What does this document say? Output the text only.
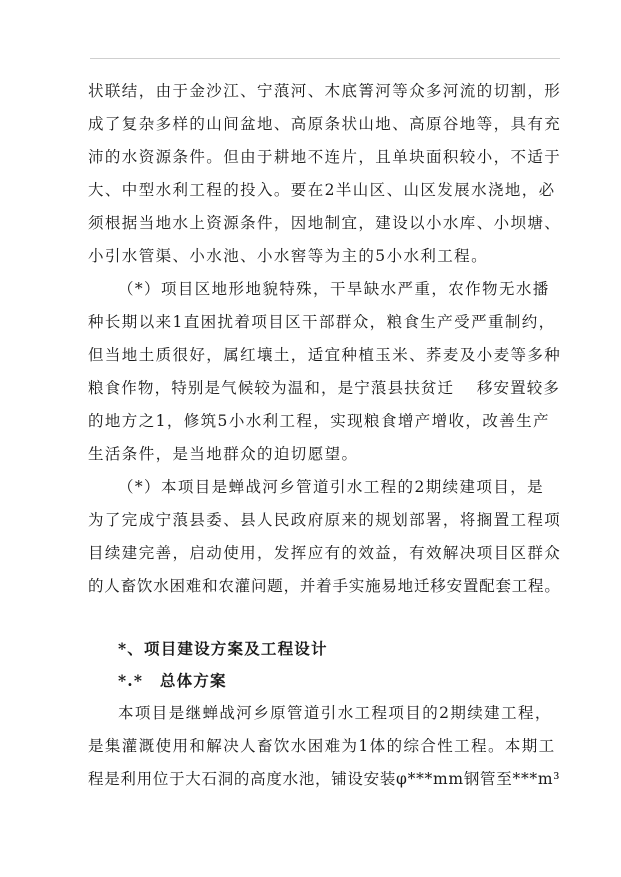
状联结，由于金沙江、宁蒗河、木底箐河等众多河流的切割，形
成了复杂多样的山间盆地、高原条状山地、高原谷地等，具有充
沛的水资源条件。但由于耕地不连片，且单块面积较小，不适于
大、中型水利工程的投入。要在2半山区、山区发展水浇地，必
须根据当地水上资源条件，因地制宜，建设以小水库、小坝塘、
小引水管渠、小水池、小水窖等为主的5小水利工程。
（*）项目区地形地貌特殊，干旱缺水严重，农作物无水播
种长期以来1直困扰着项目区干部群众，粮食生产受严重制约，
但当地土质很好，属红壤土，适宜种植玉米、荞麦及小麦等多种
粮食作物，特别是气候较为温和，是宁蒗县扶贫迁　 移安置较多
的地方之1，修筑5小水利工程，实现粮食增产增收，改善生产
生活条件，是当地群众的迫切愿望。
（*）本项目是蝉战河乡管道引水工程的2期续建项目，是
为了完成宁蒗县委、县人民政府原来的规划部署，将搁置工程项
目续建完善，启动使用，发挥应有的效益，有效解决项目区群众
的人畜饮水困难和农灌问题，并着手实施易地迁移安置配套工程。
*、项目建设方案及工程设计
*.*　总体方案
本项目是继蝉战河乡原管道引水工程项目的2期续建工程，
是集灌溉使用和解决人畜饮水困难为1体的综合性工程。本期工
程是利用位于大石洞的高度水池，铺设安装φ***mm钢管至***m³
